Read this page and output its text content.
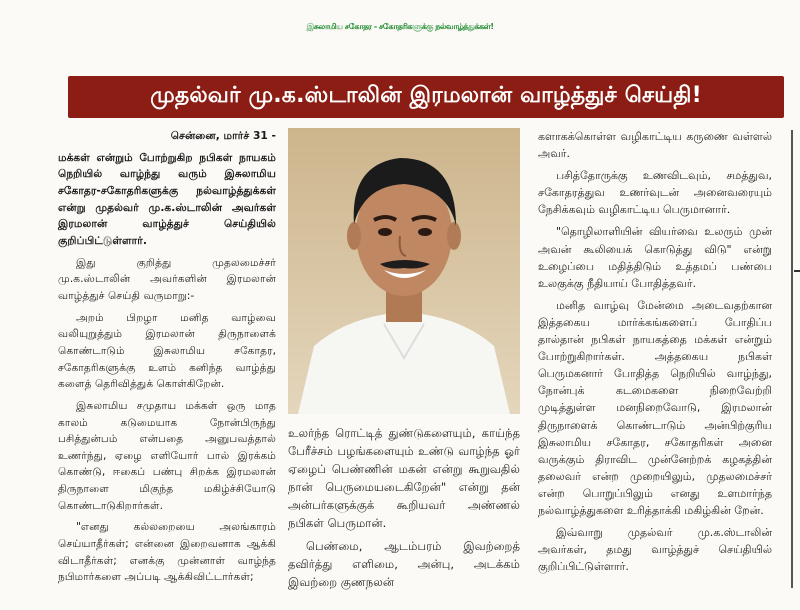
இசுலாமிய சகோதர - சகோதரிகளுக்கு நல்வாழ்த்துக்கள்!
முதல்வர் மு.க.ஸ்டாலின் இரமலான் வாழ்த்துச் செய்தி!

சென்னை, மார்ச் 31 -

மக்கள் என்றும் போற்றுகிற நபிகள் நாயகம் நெறியில் வாழ்ந்து வரும் இசுலாமிய சகோதர-சகோதரிகளுக்கு நல்வாழ்த்துக்கள் என்று முதல்வர் மு.க.ஸ்டாலின் அவர்கள் இரமலான் வாழ்த்துச் செய்தியில் குறிப்பிட்டுள்ளார்.

இது குறித்து முதலமைச்சர் மு.க.ஸ்டாலின் அவர்களின் இரமலான் வாழ்த்துச் செய்தி வருமாறு:-

அறம் பிறழா மனித வாழ்வை வலியுறுத்தும் இரமலான் திருநாளைக் கொண்டாடும் இசுலாமிய சகோதர, சகோதரிகளுக்கு உளம் கனிந்த வாழ்த்து களைத் தெரிவித்துக் கொள்கிறேன்.

இசுலாமிய சமுதாய மக்கள் ஒரு மாத காலம் கடுமையாக நோன்பிருந்து பசித்துன்பம் என்பதை அனுபவத்தால் உணர்ந்து, ஏழை எளியோர் பால் இரக்கம் கொண்டு, ஈகைப் பண்பு சிறக்க இரமலான் திருநாளை மிகுந்த மகிழ்ச்சியோடு கொண்டாடுகிறார்கள்.

"எனது கல்லறையை அலங்காரம் செய்யாதீர்கள்; என்னை இறைவனாக ஆக்கி விடாதீர்கள்; எனக்கு முன்னாள் வாழ்ந்த நபிமார்களை அப்படி ஆக்கிவிட்டார்கள்;

உலர்ந்த ரொட்டித் துண்டுகளையும், காய்ந்த பேரீச்சம் பழங்களையும் உண்டு வாழ்ந்த ஓர் ஏழைப் பெண்ணின் மகன் என்று கூறுவதில் நான் பெருமையடைகிறேன்" என்று தன் அன்பர்களுக்குக் கூறியவர் அண்ணல் நபிகள் பெருமான்.

பெண்மை, ஆடம்பரம் இவற்றைத் தவிர்த்து எளிமை, அன்பு, அடக்கம் இவற்றை குணநலன்

களாகக்கொள்ள வழிகாட்டிய கருணை வள்ளல் அவர்.

பசித்தோருக்கு உணவிடவும், சமத்துவ, சகோதரத்துவ உணர்வுடன் அனைவரையும் நேசிக்கவும் வழிகாட்டிய பெருமானார்.

"தொழிலாளியின் வியர்வை உலரும் முன் அவன் கூலியைக் கொடுத்து விடு" என்று உழைப்பை மதித்திடும் உத்தமப் பண்பை உலகுக்கு நீதியாய் போதித்தவர்.

மனித வாழ்வு மேன்மை அடைவதற்கான இத்தகைய மார்க்கங்களைப் போதிப்ப தால்தான் நபிகள் நாயகத்தை மக்கள் என்றும் போற்றுகிறார்கள். அத்தகைய நபிகள் பெருமகனார் போதித்த நெறியில் வாழ்ந்து, நோன்புக் கடமைகளை நிறைவேற்றி முடித்துள்ள மனநிறைவோடு, இரமலான் திருநாளைக் கொண்டாடும் அன்பிற்குரிய இசுலாமிய சகோதர, சகோதரிகள் அனை வருக்கும் திராவிட முன்னேற்றக் கழகத்தின் தலைவர் என்ற முறையிலும், முதலமைச்சர் என்ற பொறுப்பிலும் எனது உளமார்ந்த நல்வாழ்த்துகளை உரித்தாக்கி மகிழ்கின் றேன்.

இவ்வாறு முதல்வர் மு.க.ஸ்டாலின் அவர்கள், தமது வாழ்த்துச் செய்தியில் குறிப்பிட்டுள்ளார்.
